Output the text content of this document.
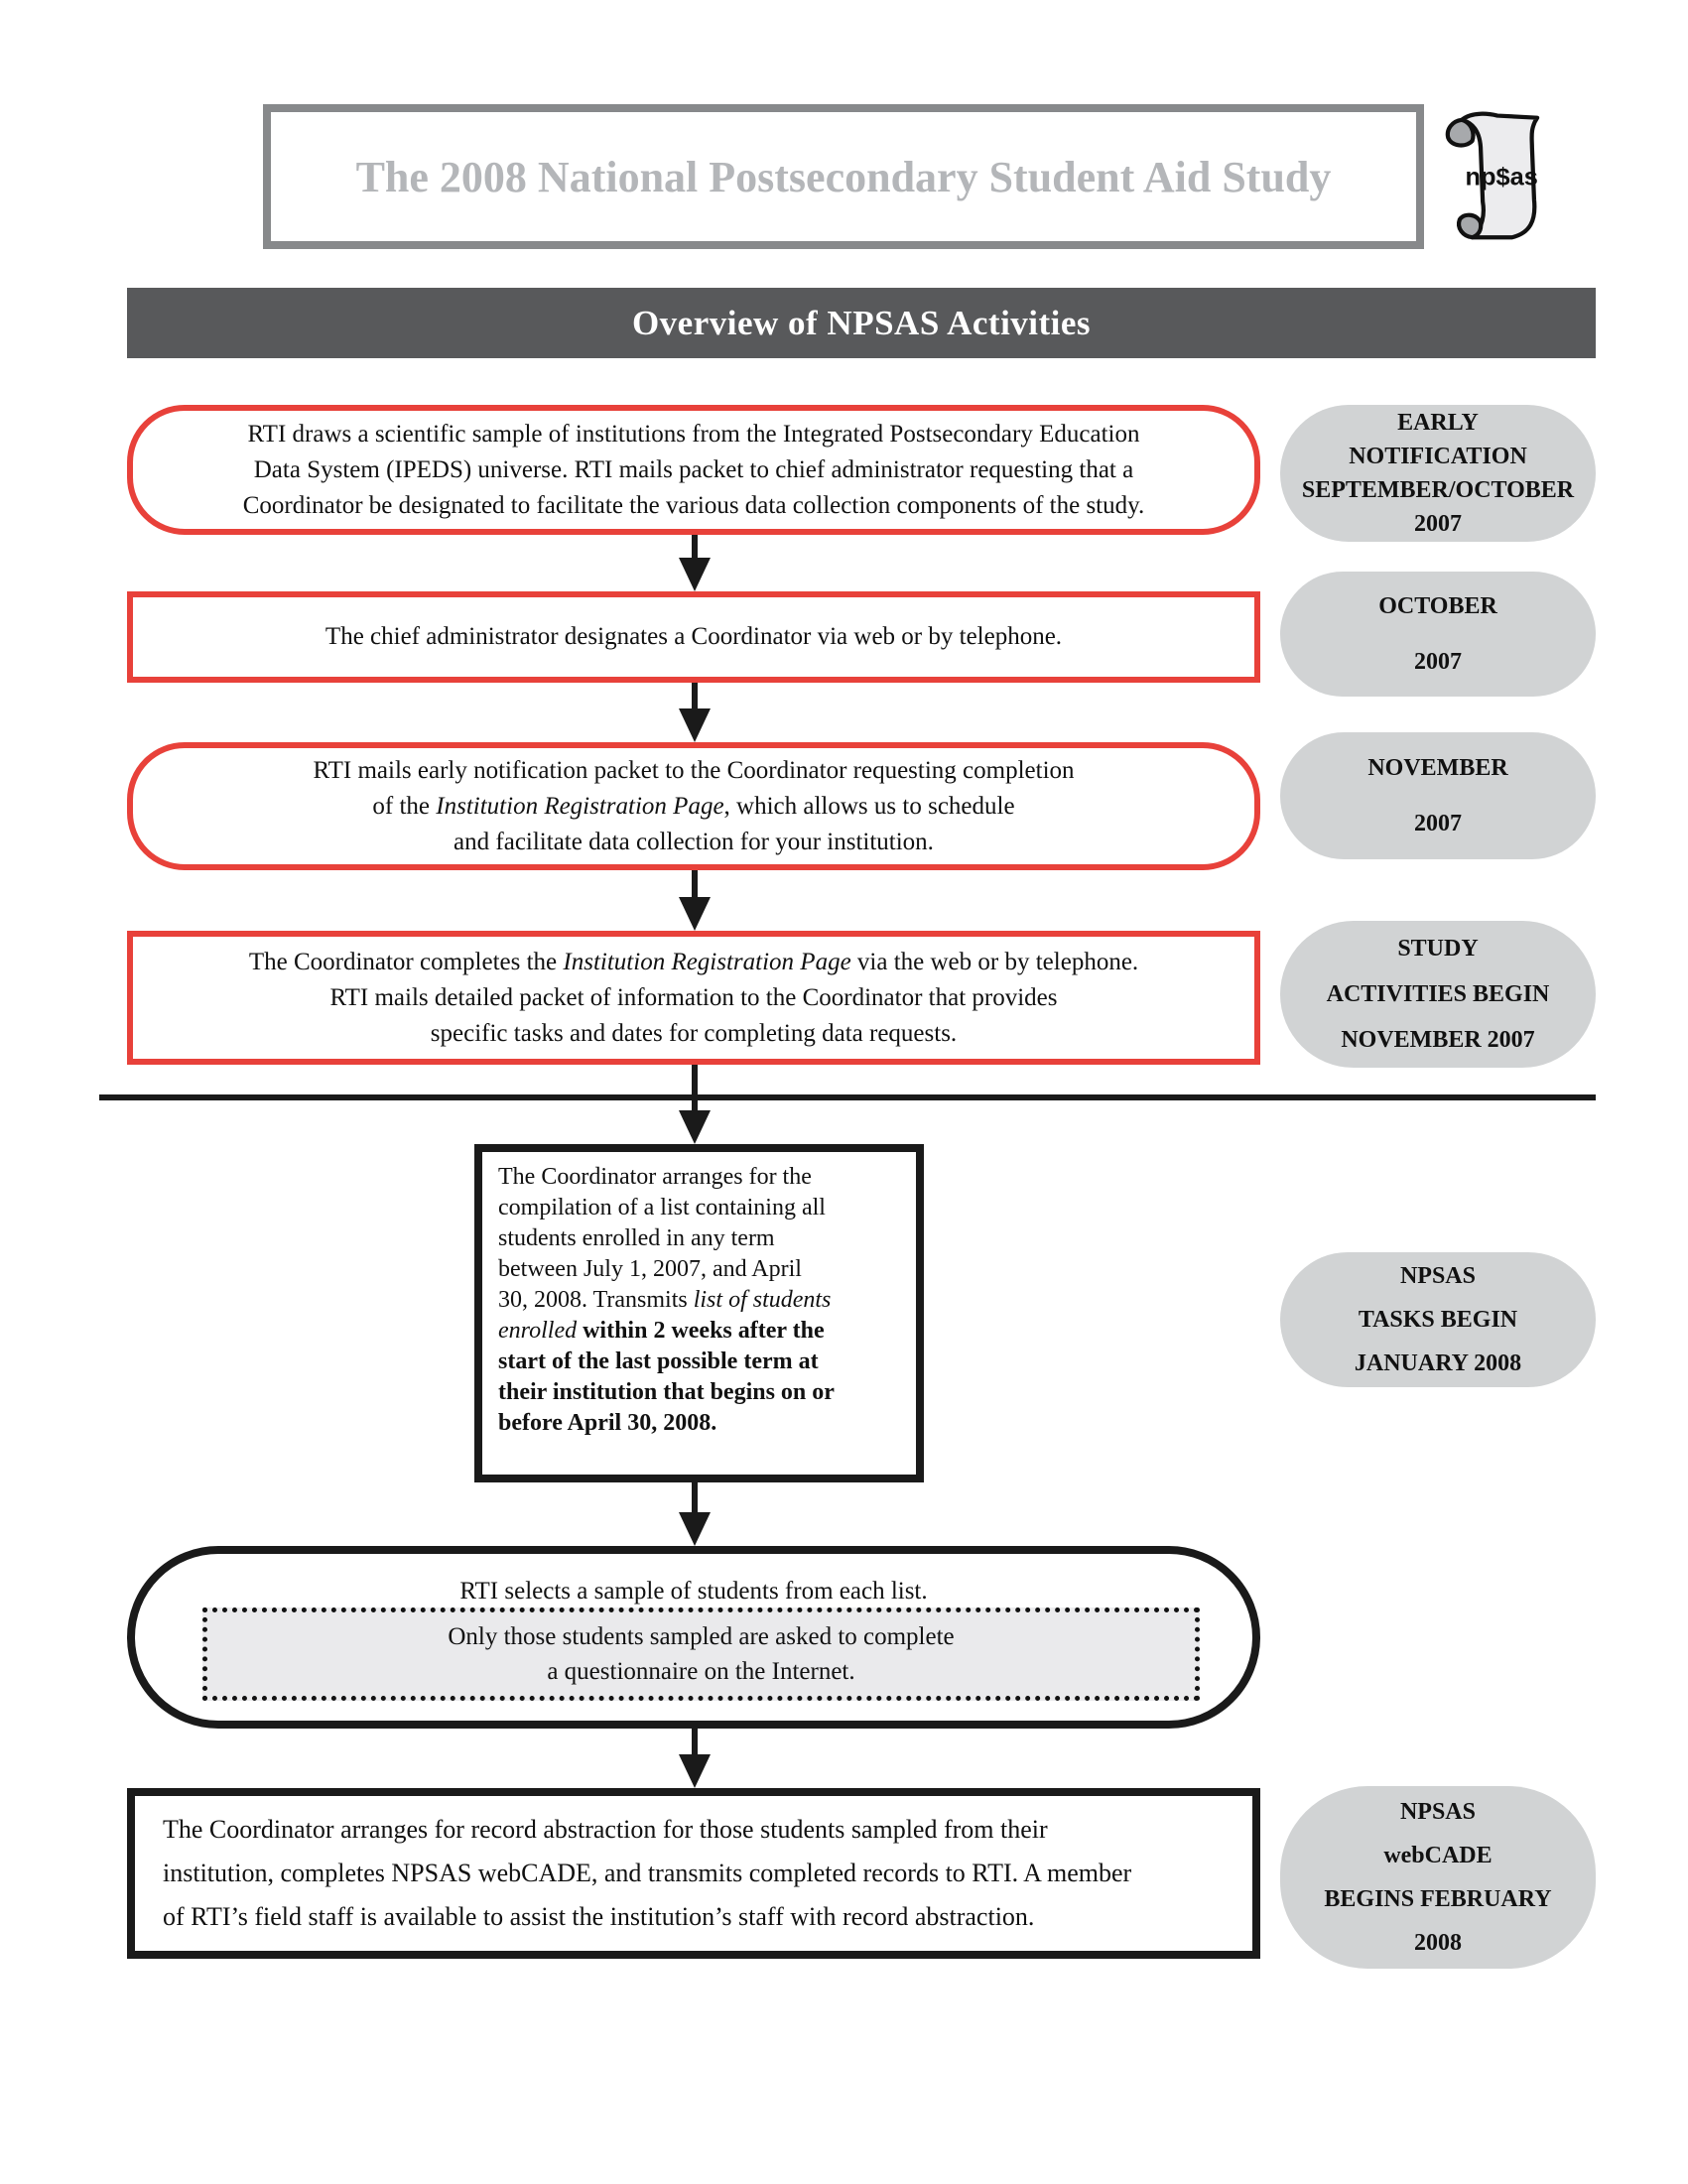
The 2008 National Postsecondary Student Aid Study	np$as
Overview of NPSAS Activities
RTI draws a scientific sample of institutions from the Integrated Postsecondary Education
Data System (IPEDS) universe. RTI mails packet to chief administrator requesting that a
Coordinator be designated to facilitate the various data collection components of the study.
EARLY
NOTIFICATION
SEPTEMBER/OCTOBER
2007
The chief administrator designates a Coordinator via web or by telephone.
OCTOBER
2007
RTI mails early notification packet to the Coordinator requesting completion
of the Institution Registration Page, which allows us to schedule
and facilitate data collection for your institution.
NOVEMBER
2007
The Coordinator completes the Institution Registration Page via the web or by telephone.
RTI mails detailed packet of information to the Coordinator that provides
specific tasks and dates for completing data requests.
STUDY
ACTIVITIES BEGIN
NOVEMBER 2007
The Coordinator arranges for the
compilation of a list containing all
students enrolled in any term
between July 1, 2007, and April
30, 2008. Transmits list of students
enrolled within 2 weeks after the
start of the last possible term at
their institution that begins on or
before April 30, 2008.
NPSAS
TASKS BEGIN
JANUARY 2008
RTI selects a sample of students from each list.
Only those students sampled are asked to complete
a questionnaire on the Internet.
The Coordinator arranges for record abstraction for those students sampled from their
institution, completes NPSAS webCADE, and transmits completed records to RTI. A member
of RTI’s field staff is available to assist the institution’s staff with record abstraction.
NPSAS
webCADE
BEGINS FEBRUARY
2008
